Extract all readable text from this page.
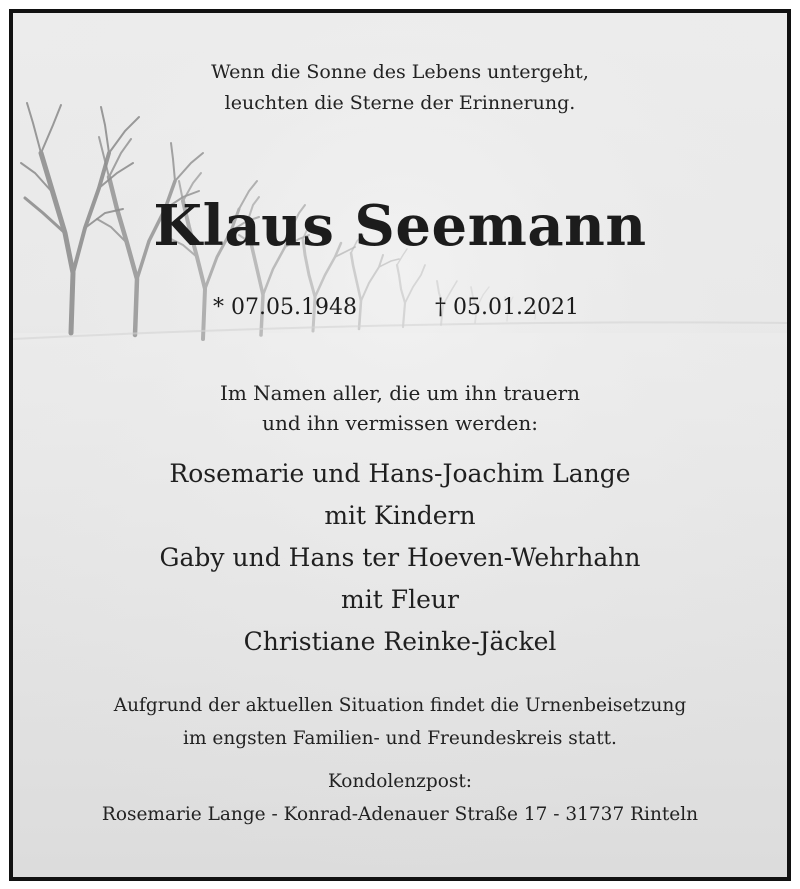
Wenn die Sonne des Lebens untergeht,
leuchten die Sterne der Erinnerung.
Klaus Seemann
* 07.05.1948	† 05.01.2021
Im Namen aller, die um ihn trauern
und ihn vermissen werden:
Rosemarie und Hans-Joachim Lange
mit Kindern
Gaby und Hans ter Hoeven-Wehrhahn
mit Fleur
Christiane Reinke-Jäckel
Aufgrund der aktuellen Situation findet die Urnenbeisetzung
im engsten Familien- und Freundeskreis statt.
Kondolenzpost:
Rosemarie Lange - Konrad-Adenauer Straße 17 - 31737 Rinteln
